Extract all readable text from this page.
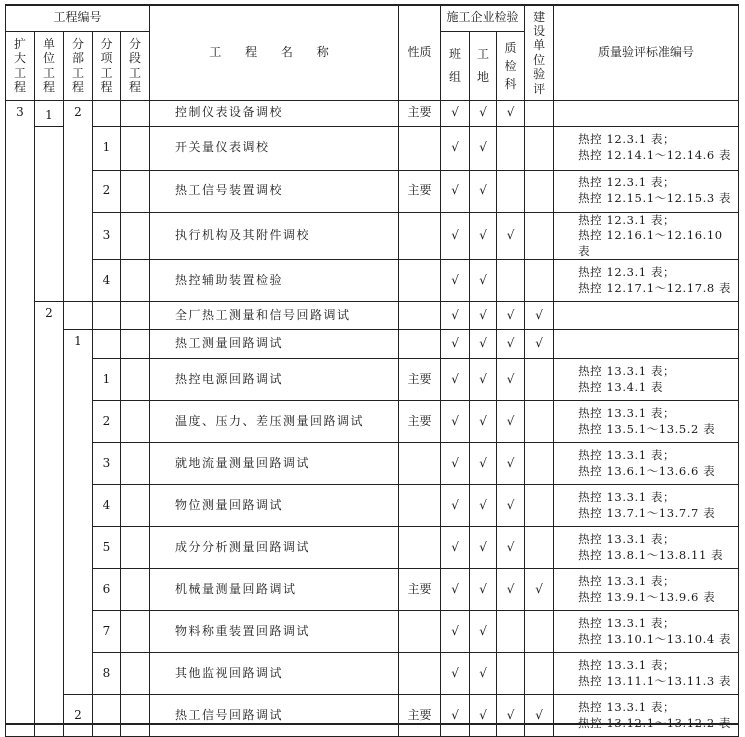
工程编号					工 程 名 称	性质	施工企业检验			建设单位验评	质量验评标准编号

扩大工程	单位工程	分部工程	分项工程	分段工程			班组	工地	质检科		

3	1	2			控制仪表设备调校	主要	√	√	√		

			1		开关量仪表调校		√	√			热控 12.3.1 表；
热控 12.14.1～12.14.6 表

			2		热工信号装置调校	主要	√	√			热控 12.3.1 表；
热控 12.15.1～12.15.3 表

			3		执行机构及其附件调校		√	√	√		热控 12.3.1 表；
热控 12.16.1～12.16.10 表

			4		热控辅助装置检验		√	√			热控 12.3.1 表；
热控 12.17.1～12.17.8 表

	2				全厂热工测量和信号回路调试		√	√	√	√	

		1			热工测量回路调试		√	√	√	√	

			1		热控电源回路调试	主要	√	√	√		热控 13.3.1 表；
热控 13.4.1 表

			2		温度、压力、差压测量回路调试	主要	√	√	√		热控 13.3.1 表；
热控 13.5.1～13.5.2 表

			3		就地流量测量回路调试		√	√	√		热控 13.3.1 表；
热控 13.6.1～13.6.6 表

			4		物位测量回路调试		√	√	√		热控 13.3.1 表；
热控 13.7.1～13.7.7 表

			5		成分分析测量回路调试		√	√	√		热控 13.3.1 表；
热控 13.8.1～13.8.11 表

			6		机械量测量回路调试	主要	√	√	√	√	热控 13.3.1 表；
热控 13.9.1～13.9.6 表

			7		物料称重装置回路调试		√	√			热控 13.3.1 表；
热控 13.10.1～13.10.4 表

			8		其他监视回路调试		√	√			热控 13.3.1 表；
热控 13.11.1～13.11.3 表

		2			热工信号回路调试	主要	√	√	√	√	热控 13.3.1 表；
热控 13.12.1～13.12.2 表
